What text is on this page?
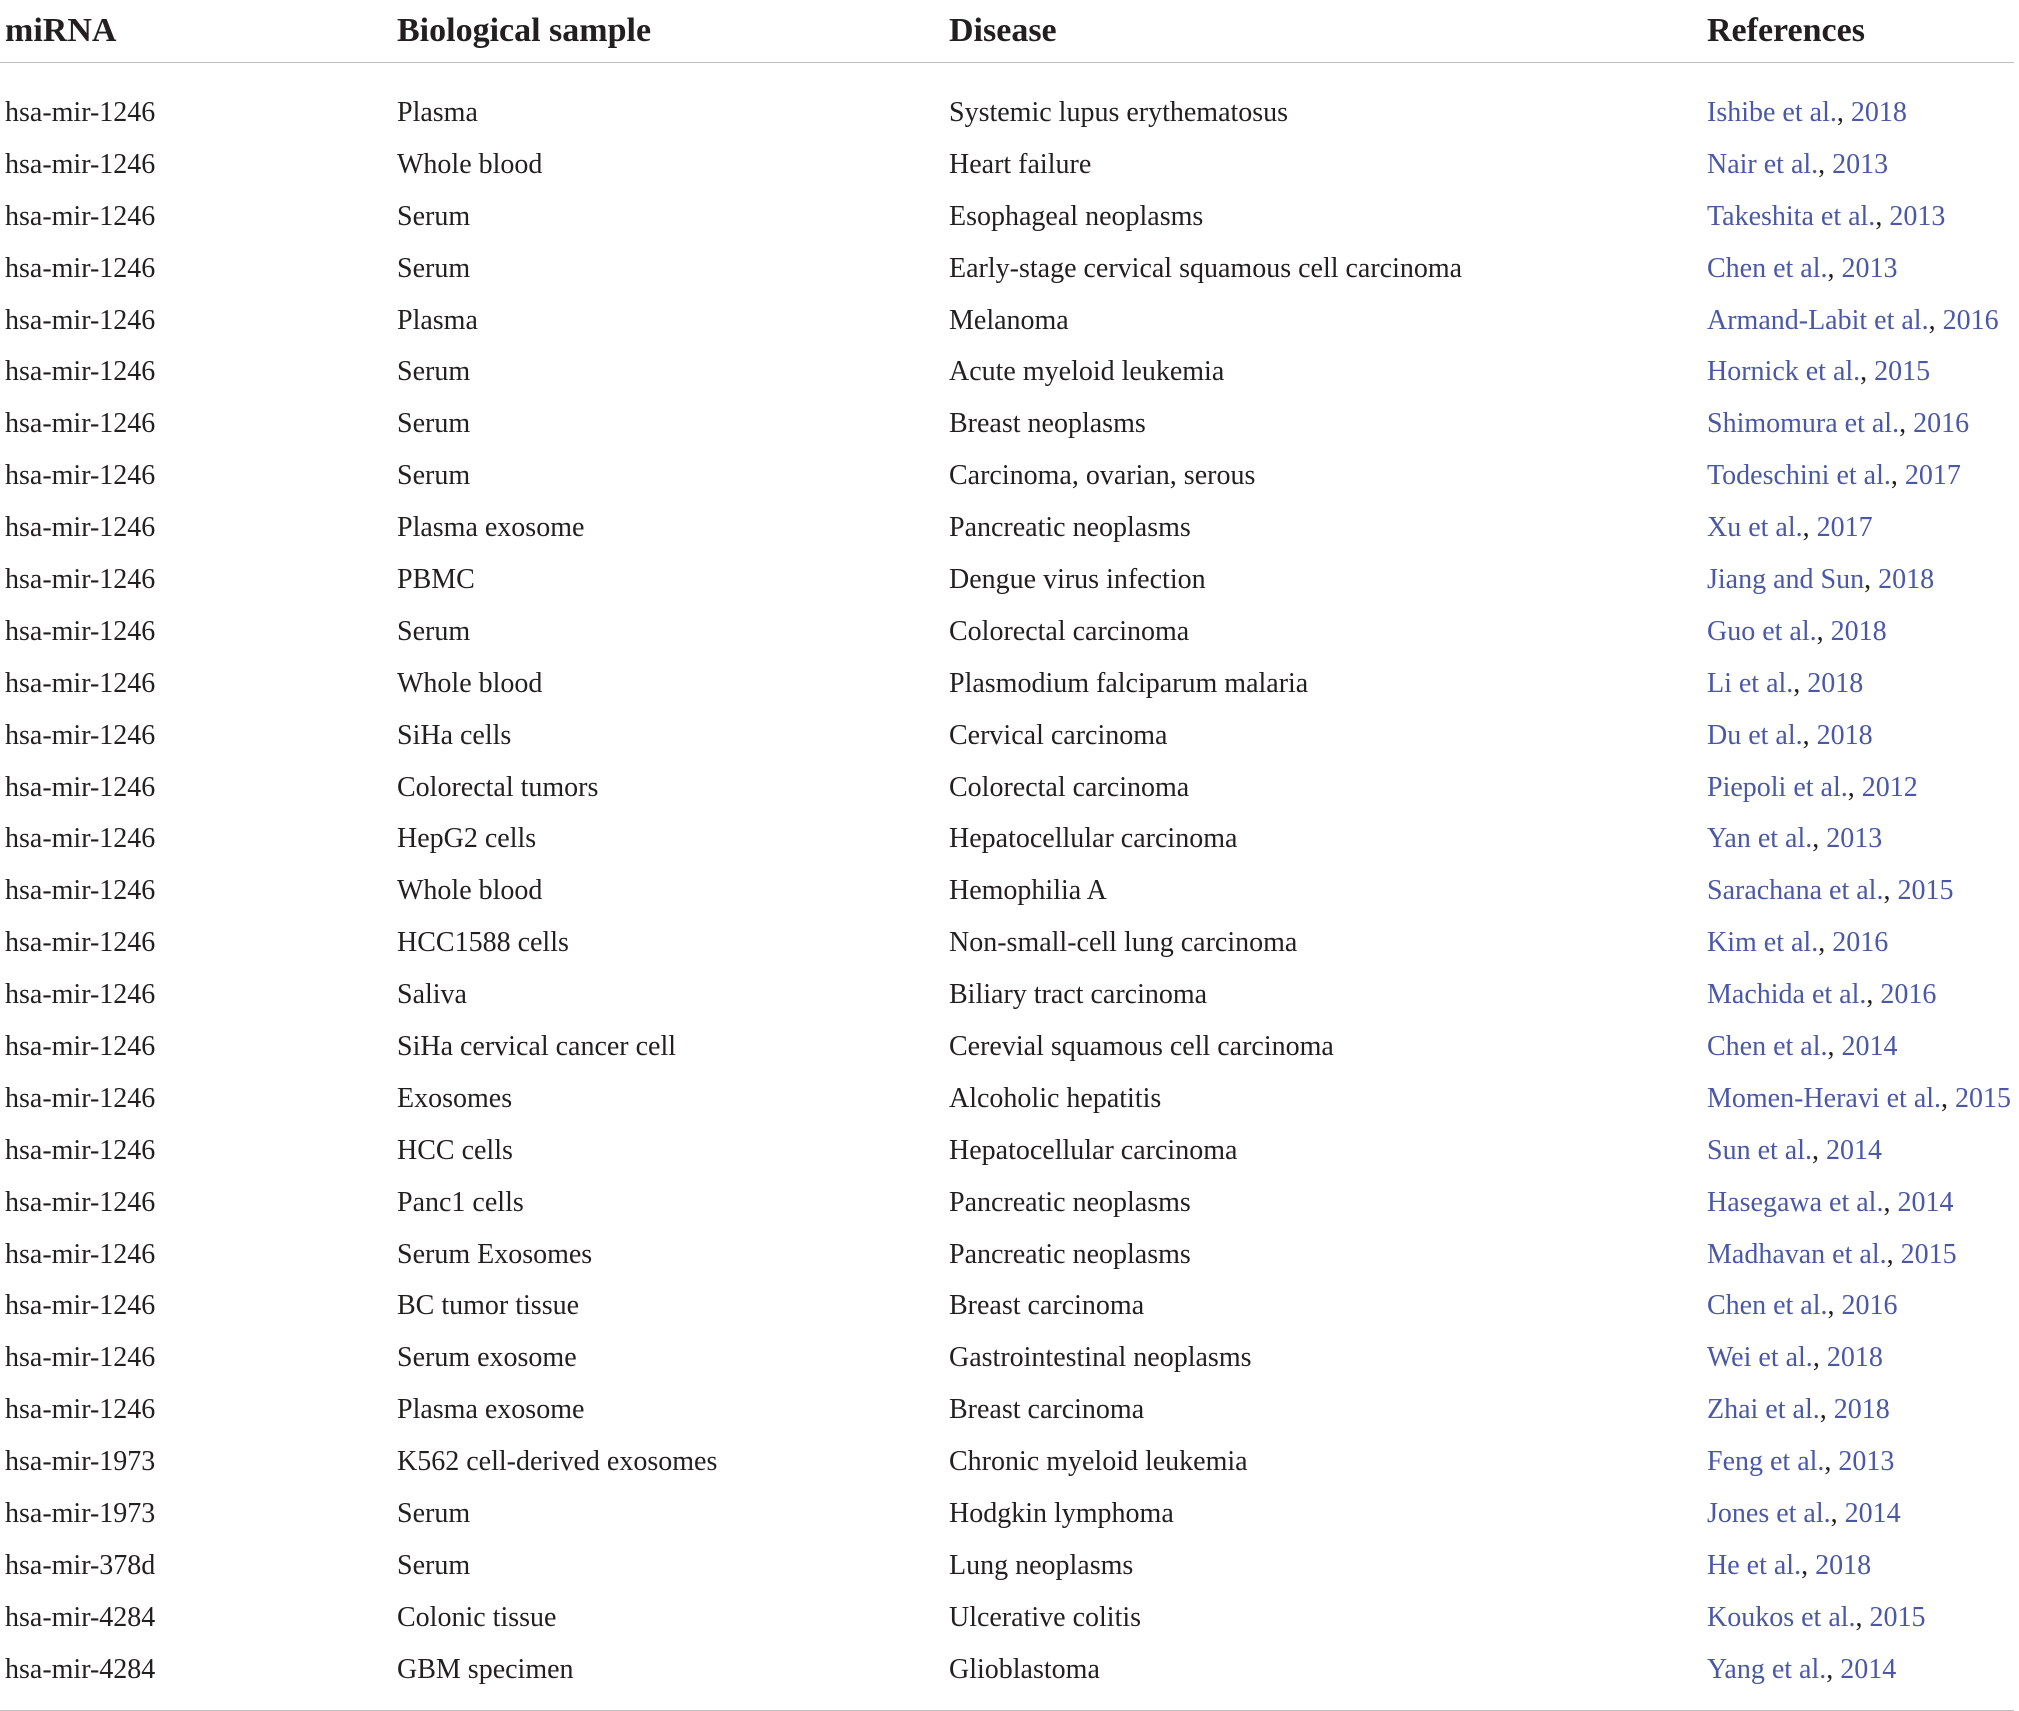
miRNA	Biological sample	Disease	References
hsa-mir-1246	Plasma	Systemic lupus erythematosus	Ishibe et al., 2018
hsa-mir-1246	Whole blood	Heart failure	Nair et al., 2013
hsa-mir-1246	Serum	Esophageal neoplasms	Takeshita et al., 2013
hsa-mir-1246	Serum	Early-stage cervical squamous cell carcinoma	Chen et al., 2013
hsa-mir-1246	Plasma	Melanoma	Armand-Labit et al., 2016
hsa-mir-1246	Serum	Acute myeloid leukemia	Hornick et al., 2015
hsa-mir-1246	Serum	Breast neoplasms	Shimomura et al., 2016
hsa-mir-1246	Serum	Carcinoma, ovarian, serous	Todeschini et al., 2017
hsa-mir-1246	Plasma exosome	Pancreatic neoplasms	Xu et al., 2017
hsa-mir-1246	PBMC	Dengue virus infection	Jiang and Sun, 2018
hsa-mir-1246	Serum	Colorectal carcinoma	Guo et al., 2018
hsa-mir-1246	Whole blood	Plasmodium falciparum malaria	Li et al., 2018
hsa-mir-1246	SiHa cells	Cervical carcinoma	Du et al., 2018
hsa-mir-1246	Colorectal tumors	Colorectal carcinoma	Piepoli et al., 2012
hsa-mir-1246	HepG2 cells	Hepatocellular carcinoma	Yan et al., 2013
hsa-mir-1246	Whole blood	Hemophilia A	Sarachana et al., 2015
hsa-mir-1246	HCC1588 cells	Non-small-cell lung carcinoma	Kim et al., 2016
hsa-mir-1246	Saliva	Biliary tract carcinoma	Machida et al., 2016
hsa-mir-1246	SiHa cervical cancer cell	Cerevial squamous cell carcinoma	Chen et al., 2014
hsa-mir-1246	Exosomes	Alcoholic hepatitis	Momen-Heravi et al., 2015
hsa-mir-1246	HCC cells	Hepatocellular carcinoma	Sun et al., 2014
hsa-mir-1246	Panc1 cells	Pancreatic neoplasms	Hasegawa et al., 2014
hsa-mir-1246	Serum Exosomes	Pancreatic neoplasms	Madhavan et al., 2015
hsa-mir-1246	BC tumor tissue	Breast carcinoma	Chen et al., 2016
hsa-mir-1246	Serum exosome	Gastrointestinal neoplasms	Wei et al., 2018
hsa-mir-1246	Plasma exosome	Breast carcinoma	Zhai et al., 2018
hsa-mir-1973	K562 cell-derived exosomes	Chronic myeloid leukemia	Feng et al., 2013
hsa-mir-1973	Serum	Hodgkin lymphoma	Jones et al., 2014
hsa-mir-378d	Serum	Lung neoplasms	He et al., 2018
hsa-mir-4284	Colonic tissue	Ulcerative colitis	Koukos et al., 2015
hsa-mir-4284	GBM specimen	Glioblastoma	Yang et al., 2014
